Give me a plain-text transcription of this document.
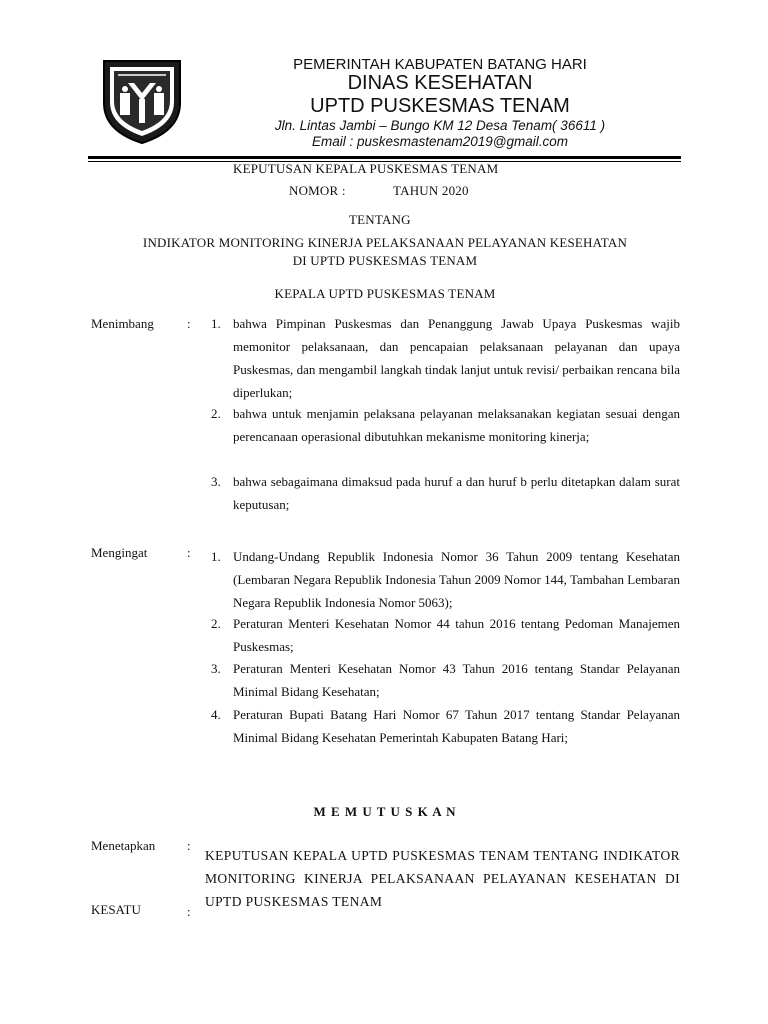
PEMERINTAH KABUPATEN BATANG HARI
DINAS KESEHATAN
UPTD PUSKESMAS TENAM
Jln. Lintas Jambi – Bungo KM 12 Desa Tenam( 36611 )
Email : puskesmastenam2019@gmail.com
KEPUTUSAN KEPALA PUSKESMAS TENAM
NOMOR :	TAHUN 2020
TENTANG
INDIKATOR MONITORING KINERJA PELAKSANAAN PELAYANAN KESEHATAN
DI UPTD PUSKESMAS TENAM
KEPALA UPTD PUSKESMAS TENAM
Menimbang	: 1. bahwa Pimpinan Puskesmas dan Penanggung Jawab Upaya Puskesmas wajib memonitor pelaksanaan, dan pencapaian pelaksanaan pelayanan dan upaya Puskesmas, dan mengambil langkah tindak lanjut untuk revisi/ perbaikan rencana bila diperlukan;
2. bahwa untuk menjamin pelaksana pelayanan melaksanakan kegiatan sesuai dengan perencanaan operasional dibutuhkan mekanisme monitoring kinerja;
3. bahwa sebagaimana dimaksud pada huruf a dan huruf b perlu ditetapkan dalam surat keputusan;
Mengingat	: 1. Undang-Undang Republik Indonesia Nomor 36 Tahun 2009 tentang Kesehatan (Lembaran Negara Republik Indonesia Tahun 2009 Nomor 144, Tambahan Lembaran Negara Republik Indonesia Nomor 5063);
2. Peraturan Menteri Kesehatan Nomor 44 tahun 2016 tentang Pedoman Manajemen Puskesmas;
3. Peraturan Menteri Kesehatan Nomor 43 Tahun 2016 tentang Standar Pelayanan Minimal Bidang Kesehatan;
4. Peraturan Bupati Batang Hari Nomor 67 Tahun 2017 tentang Standar Pelayanan Minimal Bidang Kesehatan Pemerintah Kabupaten Batang Hari;
M E M U T U S K A N
Menetapkan :
KEPUTUSAN KEPALA UPTD PUSKESMAS TENAM TENTANG INDIKATOR MONITORING KINERJA PELAKSANAAN PELAYANAN KESEHATAN DI UPTD PUSKESMAS TENAM
KESATU	:
